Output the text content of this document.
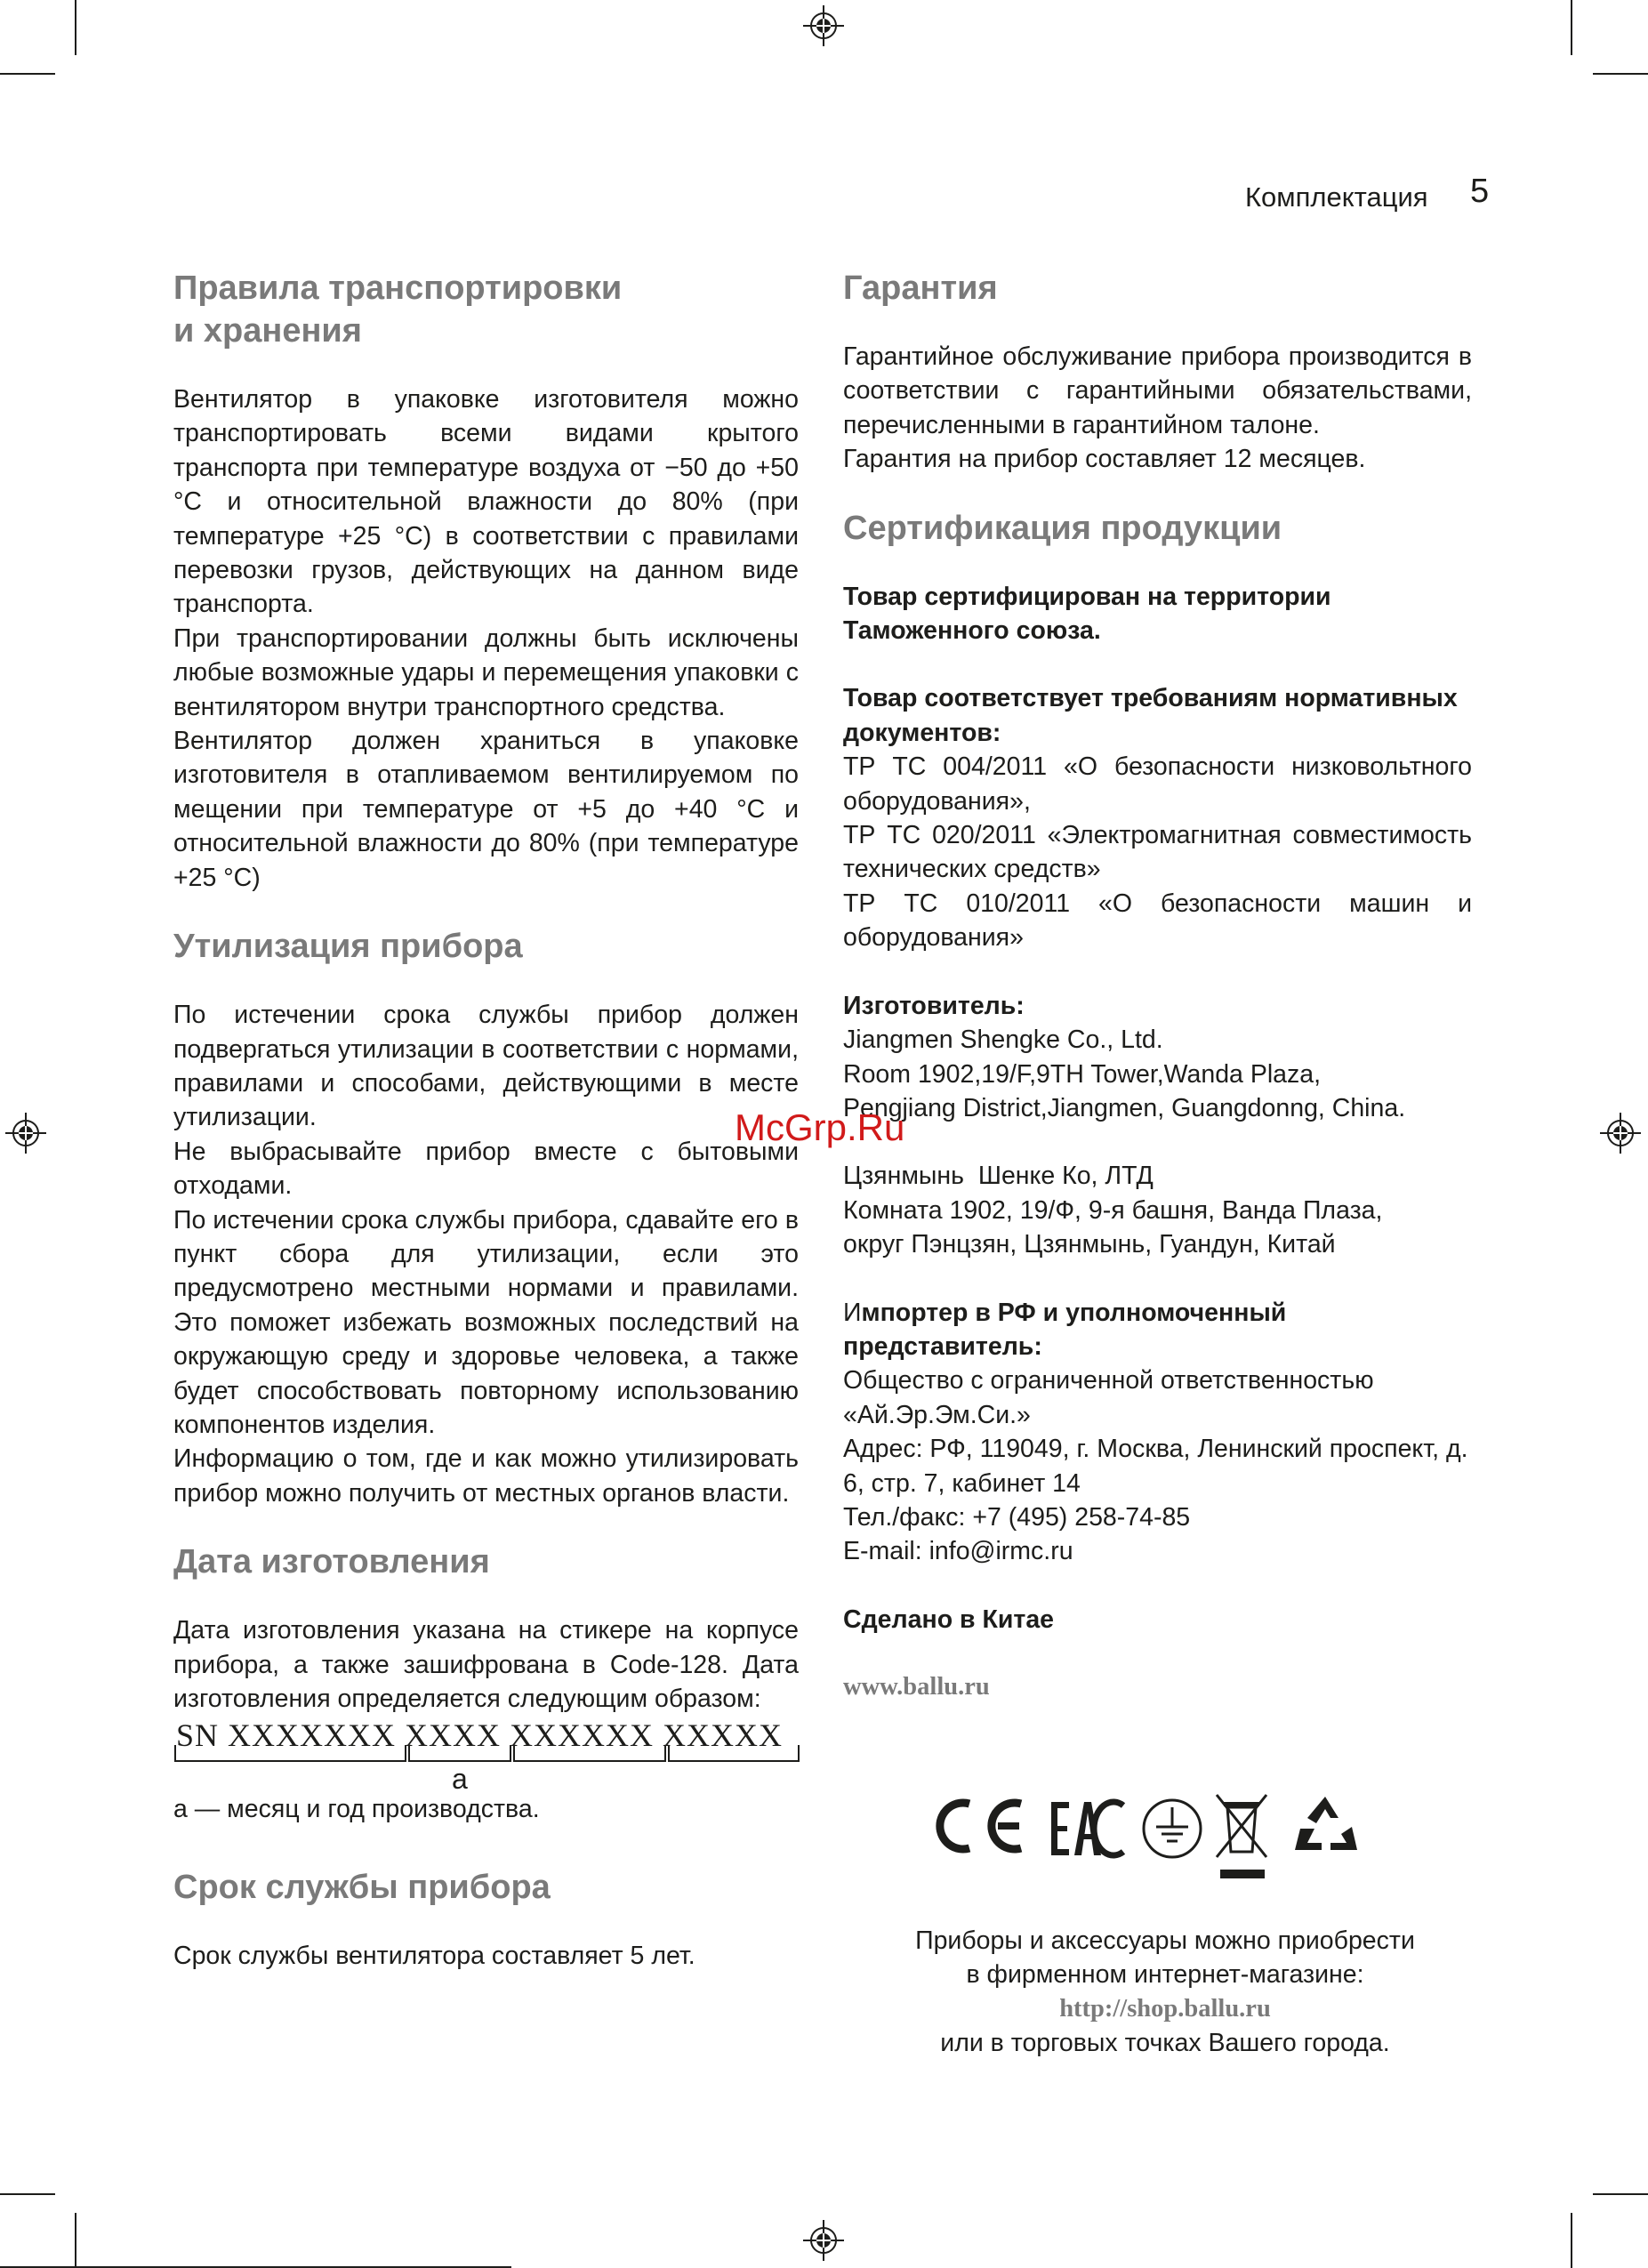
Комплектация 5
Правила транспортировки
и хранения

Вентилятор в упаковке изготовителя можно транспортировать всеми видами крытого транспорта при температуре воздуха от −50 до +50 °С и относительной влажности до 80% (при температуре +25 °С) в соответствии с правилами перевозки грузов, действующих на данном виде транспорта.

При транспортировании должны быть исключены любые возможные удары и перемещения упаковки с вентилятором внутри транспортного средства.

Вентилятор должен храниться в упаковке изготовителя в отапливаемом вентилируемом по мещении при температуре от +5 до +40 °С и относительной влажности до 80% (при температуре +25 °С)

Утилизация прибора

По истечении срока службы прибор должен подвергаться утилизации в соответствии с нормами, правилами и способами, действующими в месте утилизации.

Не выбрасывайте прибор вместе с бытовыми отходами.

По истечении срока службы прибора, сдавайте его в пункт сбора для утилизации, если это предусмотрено местными нормами и правилами. Это поможет избежать возможных последствий на окружающую среду и здоровье человека, а также будет способствовать повторному использованию компонентов изделия.

Информацию о том, где и как можно утилизировать прибор можно получить от местных органов власти.

Дата изготовления

Дата изготовления указана на стикере на корпусе прибора, а также зашифрована в Code-128. Дата изготовления определяется следующим образом:

SN XXXXXXX XXXX XXXXXX XXXXX
a
a — месяц и год производства.
Срок службы прибора

Срок службы вентилятора составляет 5 лет.

Гарантия

Гарантийное обслуживание прибора производится в соответствии с гарантийными обязательствами, перечисленными в гарантийном талоне.

Гарантия на прибор составляет 12 месяцев.

Сертификация продукции

Товар сертифицирован на территории Таможенного союза.

Товар соответствует требованиям нормативных документов:

ТР ТС 004/2011 «О безопасности низковольтного оборудования»,

ТР ТС 020/2011 «Электромагнитная совместимость технических средств»

ТР ТС 010/2011 «О безопасности машин и оборудования»

Изготовитель:

Jiangmen Shengke Co., Ltd.

Room 1902,19/F,9TH Tower,Wanda Plaza,

Pengjiang District,Jiangmen, Guangdonng, China.

Цзянмынь  Шенке Ко, ЛТД

Комната 1902, 19/Ф, 9-я башня, Ванда Плаза,

округ Пэнцзян, Цзянмынь, Гуандун, Китай

Импортер в РФ и уполномоченный представитель:

Общество с ограниченной ответственностью «Ай.Эр.Эм.Си.»

Адрес: РФ, 119049, г. Москва, Ленинский проспект, д. 6, стр. 7, кабинет 14

Тел./факс: +7 (495) 258-74-85

E-mail: info@irmc.ru

Сделано в Китае

www.ballu.ru

Приборы и аксессуары можно приобрести
в фирменном интернет-магазине:
http://shop.ballu.ru
или в торговых точках Вашего города.
McGrp.Ru
